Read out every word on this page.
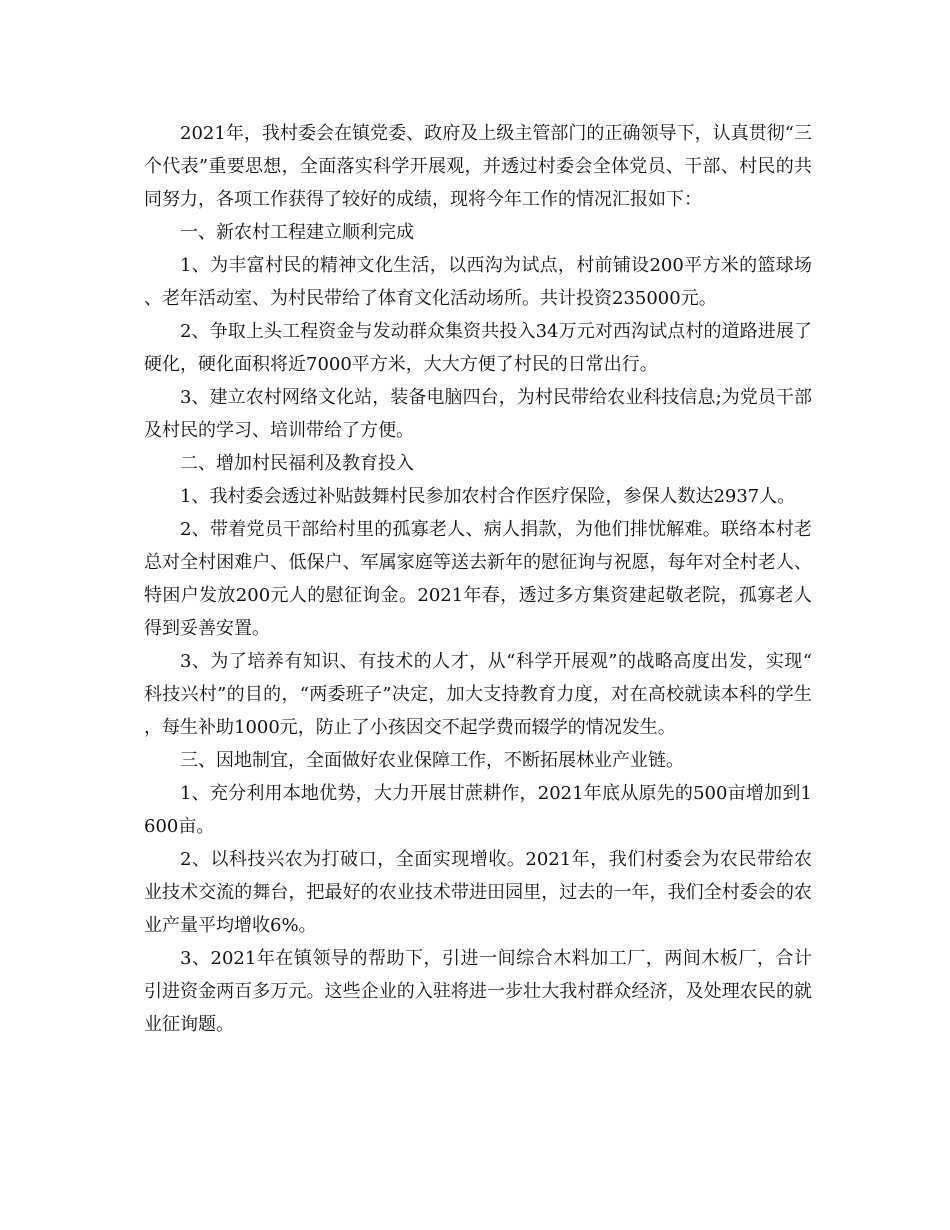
2021年，我村委会在镇党委、政府及上级主管部门的正确领导下，认真贯彻“三个代表”重要思想，全面落实科学开展观，并透过村委会全体党员、干部、村民的共同努力，各项工作获得了较好的成绩，现将今年工作的情况汇报如下：

一、新农村工程建立顺利完成

1、为丰富村民的精神文化生活，以西沟为试点，村前铺设200平方米的篮球场、老年活动室、为村民带给了体育文化活动场所。共计投资235000元。

2、争取上头工程资金与发动群众集资共投入34万元对西沟试点村的道路进展了硬化，硬化面积将近7000平方米，大大方便了村民的日常出行。

3、建立农村网络文化站，装备电脑四台，为村民带给农业科技信息;为党员干部及村民的学习、培训带给了方便。

二、增加村民福利及教育投入

1、我村委会透过补贴鼓舞村民参加农村合作医疗保险，参保人数达2937人。

2、带着党员干部给村里的孤寡老人、病人捐款，为他们排忧解难。联络本村老总对全村困难户、低保户、军属家庭等送去新年的慰征询与祝愿，每年对全村老人、特困户发放200元人的慰征询金。2021年春，透过多方集资建起敬老院，孤寡老人得到妥善安置。

3、为了培养有知识、有技术的人才，从“科学开展观”的战略高度出发，实现“科技兴村”的目的，“两委班子”决定，加大支持教育力度，对在高校就读本科的学生，每生补助1000元，防止了小孩因交不起学费而辍学的情况发生。

三、因地制宜，全面做好农业保障工作，不断拓展林业产业链。

1、充分利用本地优势，大力开展甘蔗耕作，2021年底从原先的500亩增加到1600亩。

2、以科技兴农为打破口，全面实现增收。2021年，我们村委会为农民带给农业技术交流的舞台，把最好的农业技术带进田园里，过去的一年，我们全村委会的农业产量平均增收6%。

3、2021年在镇领导的帮助下，引进一间综合木料加工厂，两间木板厂，合计引进资金两百多万元。这些企业的入驻将进一步壮大我村群众经济，及处理农民的就业征询题。
